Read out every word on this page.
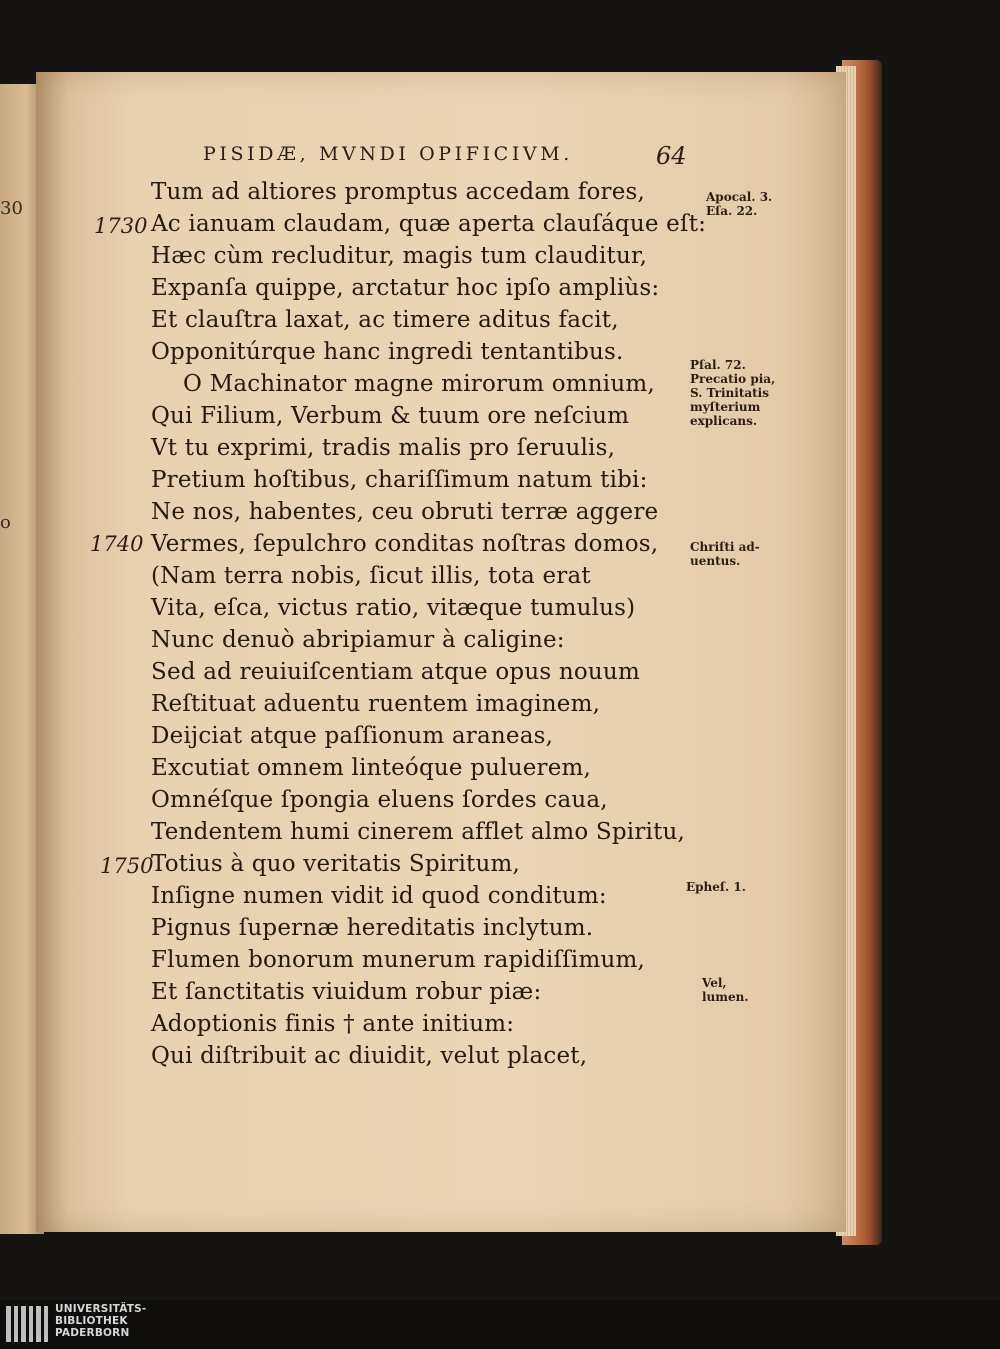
30
o
PISIDÆ, MVNDI OPIFICIVM.	64
Tum ad altiores promptus accedam fores,
Ac ianuam claudam, quæ aperta clauſáque eſt:
Hæc cùm recluditur, magis tum clauditur,
Expanſa quippe, arctatur hoc ipſo ampliùs:
Et clauſtra laxat, ac timere aditus facit,
Opponitúrque hanc ingredi tentantibus.
O Machinator magne mirorum omnium,
Qui Filium, Verbum & tuum ore neſcium
Vt tu exprimi, tradis malis pro ſeruulis,
Pretium hoſtibus, chariſſimum natum tibi:
Ne nos, habentes, ceu obruti terræ aggere
Vermes, ſepulchro conditas noſtras domos,
(Nam terra nobis, ſicut illis, tota erat
Vita, eſca, victus ratio, vitæque tumulus)
Nunc denuò abripiamur à caligine:
Sed ad reuiuiſcentiam atque opus nouum
Reſtituat aduentu ruentem imaginem,
Deijciat atque paſſionum araneas,
Excutiat omnem linteóque puluerem,
Omnéſque ſpongia eluens ſordes caua,
Tendentem humi cinerem afflet almo Spiritu,
Totius à quo veritatis Spiritum,
Inſigne numen vidit id quod conditum:
Pignus ſupernæ hereditatis inclytum.
Flumen bonorum munerum rapidiſſimum,
Et ſanctitatis viuidum robur piæ:
Adoptionis finis † ante initium:
Qui diſtribuit ac diuidit, velut placet,
1730
1740
1750
Apocal. 3.
Eſa. 22.
Pſal. 72.
Precatio pia,
S. Trinitatis
myſterium
explicans.
Chriſti ad-
uentus.
Epheſ. 1.
Vel,
lumen.
UNIVERSITÄTS-
BIBLIOTHEK
PADERBORN
